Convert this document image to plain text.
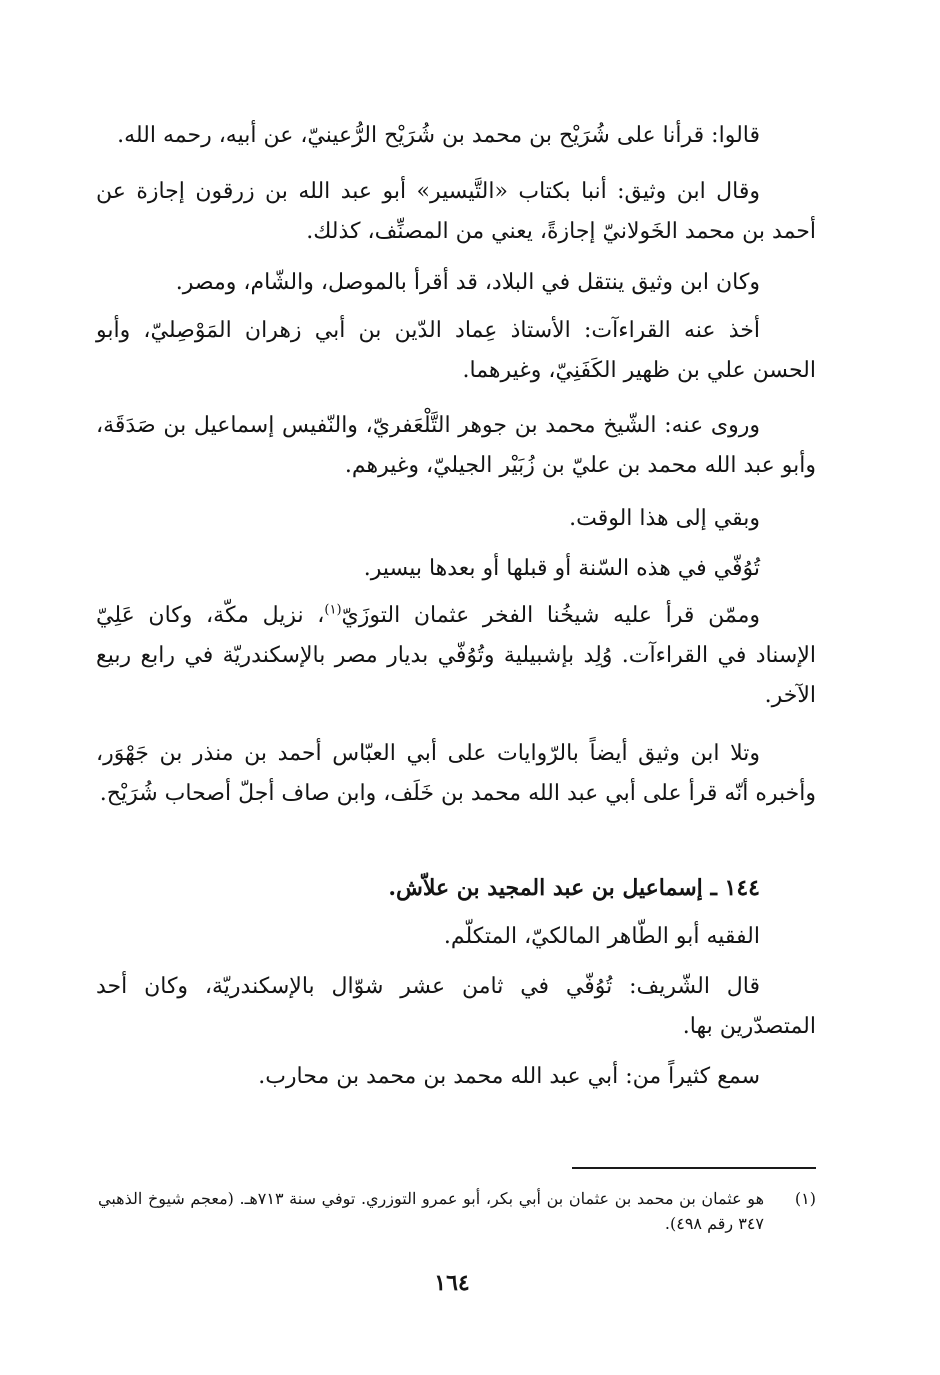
قالوا: قرأنا على شُرَيْح بن محمد بن شُرَيْح الرُّعينيّ، عن أبيه، رحمه الله.

وقال ابن وثيق: أنبا بكتاب «التَّيسير» أبو عبد الله بن زرقون إجازة عن أحمد بن محمد الخَولانيّ إجازةً، يعني من المصنِّف، كذلك.

وكان ابن وثيق ينتقل في البلاد، قد أقرأ بالموصل، والشّام، ومصر.

أخذ عنه القراءآت: الأستاذ عِماد الدّين بن أبي زهران المَوْصِليّ، وأبو الحسن علي بن ظهير الكَفَنِيّ، وغيرهما.

وروى عنه: الشّيخ محمد بن جوهر التَّلْعَفريّ، والنّفيس إسماعيل بن صَدَقَة، وأبو عبد الله محمد بن عليّ بن زُبَيْر الجيليّ، وغيرهم.

وبقي إلى هذا الوقت.

تُوُفّي في هذه السّنة أو قبلها أو بعدها بيسير.

وممّن قرأ عليه شيخُنا الفخر عثمان التوزَيّ$^{(١)}$، نزيل مكّة، وكان عَلِيّ الإسناد في القراءآت. وُلِد بإشبيلية وتُوُفّي بديار مصر بالإسكندريّة في رابع ربيع الآخر.

وتلا ابن وثيق أيضاً بالرّوايات على أبي العبّاس أحمد بن منذر بن جَهْوَر، وأخبره أنّه قرأ على أبي عبد الله محمد بن خَلَف، وابن صاف أجلّ أصحاب شُرَيْح.

١٤٤ ـ إسماعيل بن عبد المجيد بن علاّش.

الفقيه أبو الطّاهر المالكيّ، المتكلّم.

قال الشّريف: تُوُفّي في ثامن عشر شوّال بالإسكندريّة، وكان أحد المتصدّرين بها.

سمع كثيراً من: أبي عبد الله محمد بن محمد بن محارب.

(١)
هو عثمان بن محمد بن عثمان بن أبي بكر، أبو عمرو التوزري. توفي سنة ٧١٣هـ. (معجم شيوخ الذهبي ٣٤٧ رقم ٤٩٨).
١٦٤
